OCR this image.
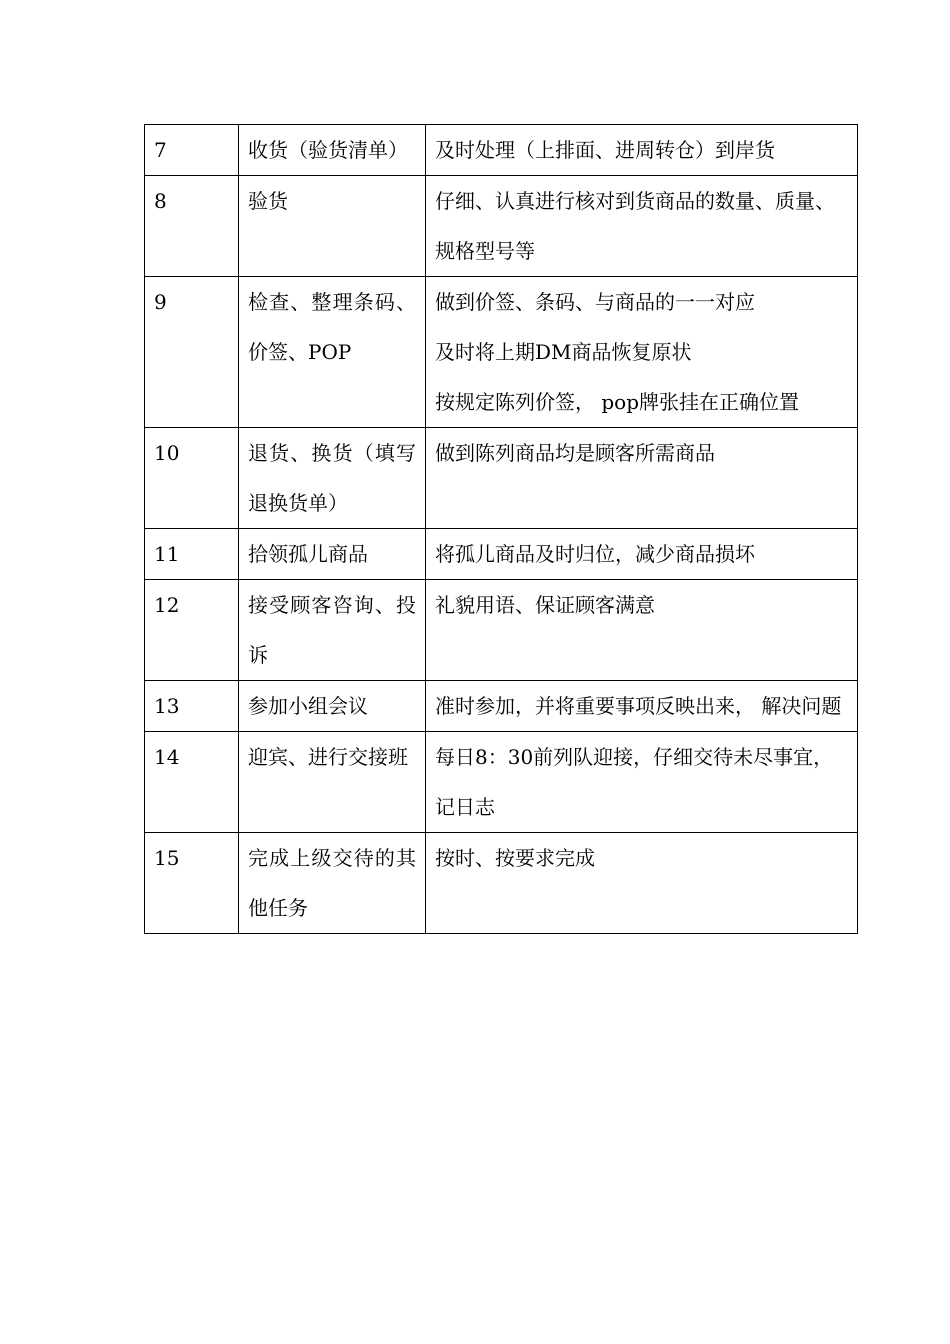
7	收货（验货清单）	及时处理（上排面、进周转仓）到岸货

8	验货	仔细、认真进行核对到货商品的数量、质量、规格型号等

9	检查、整理条码、价签、POP	做到价签、条码、与商品的一一对应
及时将上期DM商品恢复原状
按规定陈列价签， pop牌张挂在正确位置

10	退货、换货（填写退换货单）	做到陈列商品均是顾客所需商品

11	拾领孤儿商品	将孤儿商品及时归位，减少商品损坏

12	接受顾客咨询、投诉	礼貌用语、保证顾客满意

13	参加小组会议	准时参加，并将重要事项反映出来， 解决问题

14	迎宾、进行交接班	每日8：30前列队迎接，仔细交待未尽事宜， 记日志

15	完成上级交待的其他任务	按时、按要求完成
